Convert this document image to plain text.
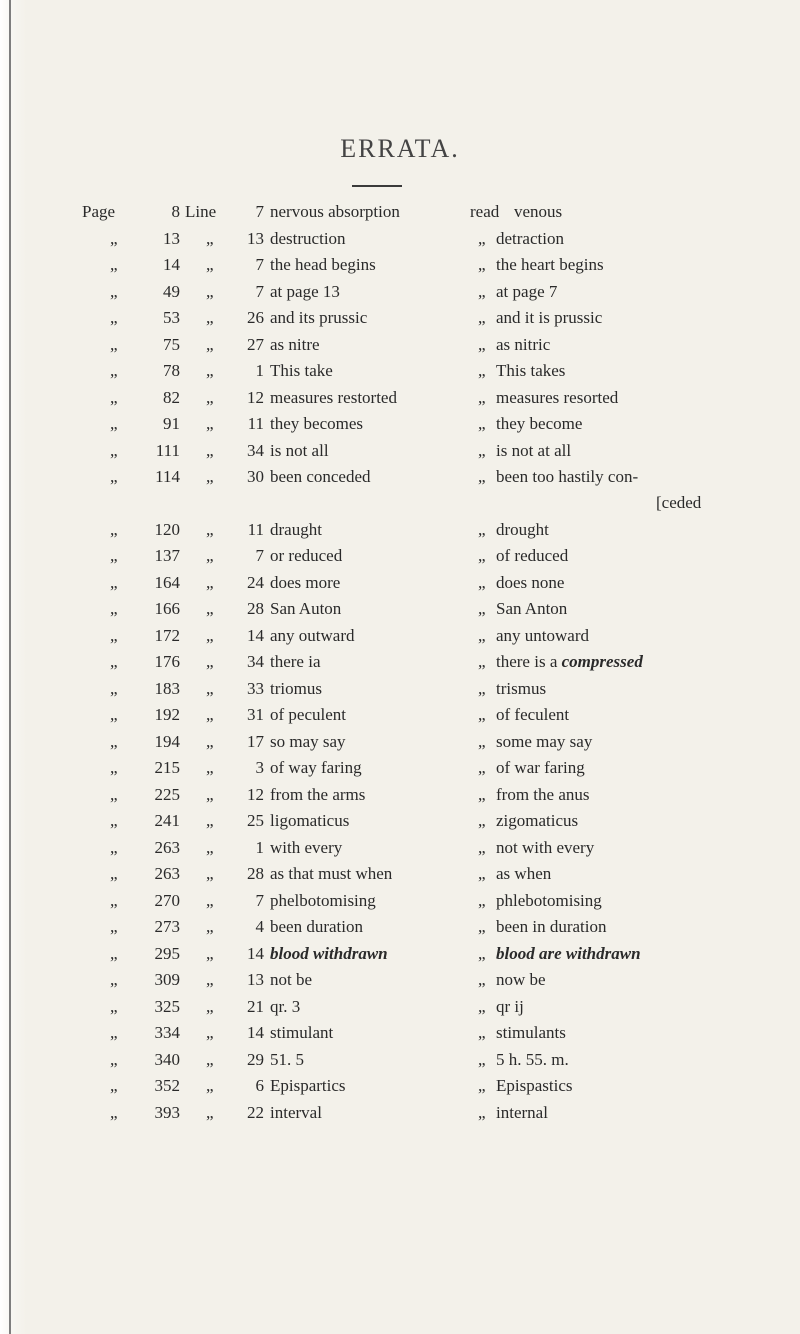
ERRATA.
Page	8 Line	7 nervous absorption	read venous
„	13 „	13 destruction	„ detraction
„	14 „	7 the head begins	„ the heart begins
„	49 „	7 at page 13	„ at page 7
„	53 „	26 and its prussic	„ and it is prussic
„	75 „	27 as nitre	„ as nitric
„	78 „	1 This take	„ This takes
„	82 „	12 measures restorted	„ measures resorted
„	91 „	11 they becomes	„ they become
„	111 „	34 is not all	„ is not at all
„	114 „	30 been conceded	„ been too hastily con-
[ceded
„	120 „	11 draught	„ drought
„	137 „	7 or reduced	„ of reduced
„	164 „	24 does more	„ does none
„	166 „	28 San Auton	„ San Anton
„	172 „	14 any outward	„ any untoward
„	176 „	34 there ia	„ there is a compressed
„	183 „	33 triomus	„ trismus
„	192 „	31 of peculent	„ of feculent
„	194 „	17 so may say	„ some may say
„	215 „	3 of way faring	„ of war faring
„	225 „	12 from the arms	„ from the anus
„	241 „	25 ligomaticus	„ zigomaticus
„	263 „	1 with every	„ not with every
„	263 „	28 as that must when	„ as when
„	270 „	7 phelbotomising	„ phlebotomising
„	273 „	4 been duration	„ been in duration
„	295 „	14 blood withdrawn	„ blood are withdrawn
„	309 „	13 not be	„ now be
„	325 „	21 qr. 3	„ qr ij
„	334 „	14 stimulant	„ stimulants
„	340 „	29 51. 5	„ 5 h. 55. m.
„	352 „	6 Epispartics	„ Epispastics
„	393 „	22 interval	„ internal
